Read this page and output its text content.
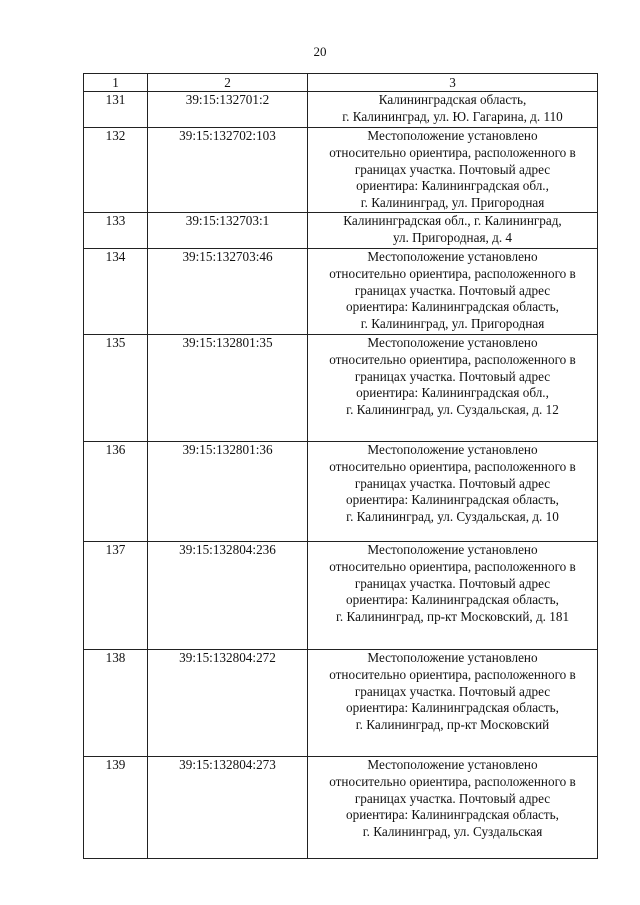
20
1	2	3
131	39:15:132701:2	Калининградская область,
г. Калининград, ул. Ю. Гагарина, д. 110

132	39:15:132702:103	Местоположение установлено
относительно ориентира, расположенного в
границах участка. Почтовый адрес
ориентира: Калининградская обл.,
г. Калининград, ул. Пригородная

133	39:15:132703:1	Калининградская обл., г. Калининград,
ул. Пригородная, д. 4

134	39:15:132703:46	Местоположение установлено
относительно ориентира, расположенного в
границах участка. Почтовый адрес
ориентира: Калининградская область,
г. Калининград, ул. Пригородная

135	39:15:132801:35	Местоположение установлено
относительно ориентира, расположенного в
границах участка. Почтовый адрес
ориентира: Калининградская обл.,
г. Калининград, ул. Суздальская, д. 12

136	39:15:132801:36	Местоположение установлено
относительно ориентира, расположенного в
границах участка. Почтовый адрес
ориентира: Калининградская область,
г. Калининград, ул. Суздальская, д. 10

137	39:15:132804:236	Местоположение установлено
относительно ориентира, расположенного в
границах участка. Почтовый адрес
ориентира: Калининградская область,
г. Калининград, пр-кт Московский, д. 181

138	39:15:132804:272	Местоположение установлено
относительно ориентира, расположенного в
границах участка. Почтовый адрес
ориентира: Калининградская область,
г. Калининград, пр-кт Московский

139	39:15:132804:273	Местоположение установлено
относительно ориентира, расположенного в
границах участка. Почтовый адрес
ориентира: Калининградская область,
г. Калининград, ул. Суздальская
